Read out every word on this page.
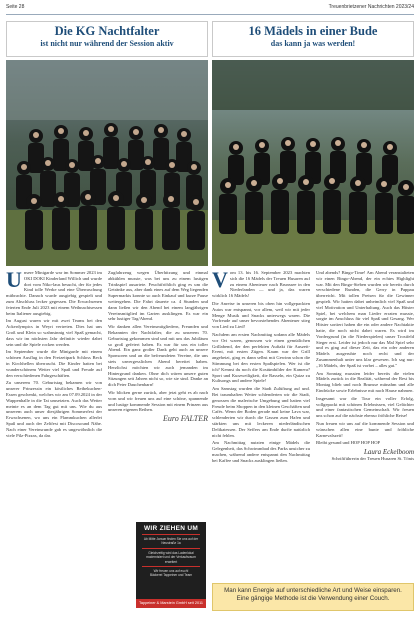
Seite 28	Treuenbrietzener Nachrichten 2023/24
Die KG Nachtfalter
ist nicht nur während der Session aktiv
16 Mädels in einer Bude
das kann ja was werden!
U nsere Minigarde war im Sommer 2023 im OKI DOKI Kinderland Willich und wurde dort vom Niko-laus besucht, der für jedes Kind tolle Werke und eine Überraschung mitbrachte. Danach wurde ausgiebig gespielt und zum Abschluss lecker gegessen. Die Erwachsenen feierten Ende Juli 2023 mit einem Weihnachtsessen beim Italiener ausgiebig.

Im August waren wir mit zwei Teams bei den Ackerdympics in Weyrt vertreten. Dies hat uns Groß und Klein so wahnsinnig viel Spaß gemacht, dass wir im nächsten Jahr definitiv wieder dabei sein und die Spiele rocken werden.

Im September wurde die Minigarde mit einem schönen Ausflug in den Freizeitpark Schloss Beck in Kirchhellen überrascht. Die Kinder hatten bei wunderschönem Wetter viel Spaß und Freude auf den verschiedenen Fahrgeschäften.

Zu unserem 70. Geburtstag bekamen wir von unserer Prinzessin ein köstliches Reibekuchen-Essen geschenkt, welches wir am 07.09.2024 in der Wappenhalle in die Tat umsetzten. Auch das Wetter meinte es an dem Tag gut mit uns. Wie du aus unserem auch unser diesjährigen Sommerfest der Erwachsenen, wo uns ein Flammkuchen allerlei Spaß und auch der Zeltfest mit Discosound Nähe. Nach einer Vereinsrunde gab es ungewöhnlich die viele Pilz-Pizzas, da das

Zugfahrzeug wegen Überhitzung und einmal abkühlen musste, was bei uns zu einem lustigen Trinkspiel ausartete. Feuchtfröhlich ging es um die Getränke aus, aber dank eines auf dem Weg liegenden Supermarkts konnte so auch Einkauf und kurze Pause weitergehen. Die Fahrt dauerte ca. 4 Stunden und dann ließen wir den Abend bei einem langjährigen Vereinsmitglied im Garten ausklingen. Es war ein sehr lustiger Tag/Abend.

Wir danken allen Vereinsmitgliedern, Freunden und Bekannten der Nachtfalter, die zu unserem 70. Geburtstag gekommen sind und mit uns das Jubiläum so groß gefeiert haben. Es war für uns ein toller Abend. Ein ganz großer Dank geht auch an unsere Sponsoren und an die befreundeten Vereine, die uns stets unvergesslichen Abend bereitet haben. Herzlichst möchten wir auch jemanden im Hintergrund danken. Ohne dich wären unsere guten Sitzungen seit Jahren nicht so, wie sie sind. Danke an dich Peter Dauchenbarn!

Wir blicken gerne zurück, aber jetzt geht es ab nach vorn und wir freuen uns auf eine schöne, spannende und lustige kommende Session mit einem Prinzen aus unseren eigenen Reihen.

Euro FALTER
WIR ZIEHEN UM
Ab Mitte Januar finden Sie uns auf der Neustraße 1a
Gleichzeitig wird das Ladenlokal modernisiert und der Verkaufsraum erweitert
Wir freuen uns auf euch!
Bäckerei Tappeiner und Team
Tappeiner & Marstein GmbH seit 2011
V om 13. bis 16. September 2023 machten sich die 16 Mädels der Treuen Husaren auf zu einem Abenteuer nach Brunssee in den Niederlanden — und ja, das waren wirklich 16 Mädels!

Die Anreise in unseren bis oben hin vollgepackten Autos war entspannt, vor allem, weil wir mit jeder Menge Musik und Snacks unterwegs waren. Die Vorfreude auf unser bevorstehendes Abenteuer stieg von Lied zu Lied!

Nachdem am ersten Nachmittag sodann alle Mädels vor Ort waren, genossen wir einen gemütlichen Grillabend, der den perfekten Auftakt für Auszeit-Event, mit ersten Zügen. Kaum war der Grill angeheizt, ging es dann selbst mit Gewinn schon die Stimmung bei den ersten Spaßspielen. Wer ist die ich? Kennst du noch die Kostümbilder der Kamera? Sport und Kurzweiligkeit, die Rasseln, ein Quizz zu Kultsongs und andere Spiele!

Am Samstag wurden die Stadt Zulüftung auf und. Bei traumhaften Wetter schlenderten wir die Stadt, genossen die malerische Umgebung und hatten viel Freude beim Shoppen in den kleinen Geschäften und Cafés. Wenn der Boden gerade mal keine Lava war, schlenderten wir durch die Gassen zum Hafen und stärkten uns mit leckeren niederländischen Delikatessen. Der Seffers am Ende durfte natürlich nicht fehlen.

Am Nachmittag nutzten einige Mädels die Gelegenheit, das Schwimmbad des Parks unsicher zu machen, während andere entspannt den Nachmittag bei Kaffee und Snacks ausklingen ließen.

Und abends? Bingo-Time! Am Abend veranstalteten wir einen Bingo-Abend, der ein echtes Highlight war. Mit den Bingo-Sieben wurden wir bereits durch verschiedene Runden, die Gerry in Pappau überreicht. Mit tollen Preisen für die Gewinner gespielt. Wir hatten dabei unheimlich viel Spaß und viel Motivation und Unterhaltung. Auch das Hitster Spiel, bei welchem man Lieder erraten musste, sorgte im Anschluss für viel Spaß und Gesang. Wer Hitster sortiert haben die ein oder andere Nachtaktie hatte, die noch nicht dabei waren. Es wird im Vordergrund (in die Niederspielen) unser Trostfeld Sieger erst. Leider ist jedoch nur das Mal Spiel sehr und es ging auf dieser Zeit, das ein oder anderen Mädels ausgeruhte noch recht und der Zusammenhalt unter uns klar gewesen. Ich sag nur: „16 Mädels, der Spaß ist vorbei – alles gut."

Am Sonntag mussten leider bereits die vielen Mädels zurück in die Realität, während der Rest bis Montag blieb und noch Brunsse mitnahm und alle Eindrücke sowie Erlebnisse mit nach Hause nahmen.

Insgesamt war die Tour ein voller Erfolg, vollgepackt mit schönen Erlebnissen, viel Gelächter und einer fantastischen Gemeinschaft. Wir freuen uns schon auf die nächste ebenso fröhliche Reise!

Nun freuen wir uns auf die kommende Session und wünschen allen eine bunte und fröhliche Karnevalszeit!

Bleibt gesund und HOP HOP HOP

Laura Eckelboom
Schriftführerin der Treuen Husaren St. Tönis
Man kann Energie auf unterschiedliche Art und Weise einsparen. Eine gängige Methode ist die Verwendung einer Couch.
